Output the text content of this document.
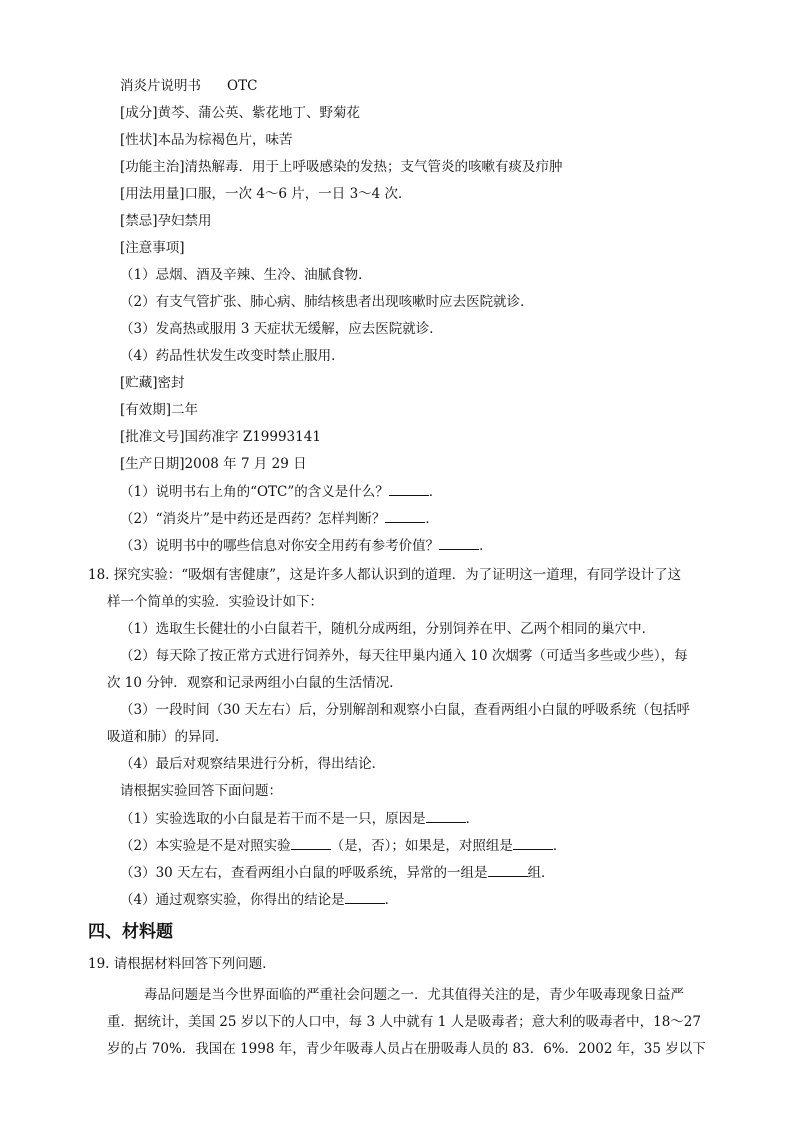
消炎片说明书 OTC
[成分]黄芩、蒲公英、紫花地丁、野菊花
[性状]本品为棕褐色片，味苦
[功能主治]清热解毒．用于上呼吸感染的发热；支气管炎的咳嗽有痰及疖肿
[用法用量]口服，一次 4～6 片，一日 3～4 次．
[禁忌]孕妇禁用
[注意事项]
（1）忌烟、酒及辛辣、生冷、油腻食物．
（2）有支气管扩张、肺心病、肺结核患者出现咳嗽时应去医院就诊．
（3）发高热或服用 3 天症状无缓解，应去医院就诊．
（4）药品性状发生改变时禁止服用．
[贮藏]密封
[有效期]二年
[批准文号]国药准字 Z19993141
[生产日期]2008 年 7 月 29 日
（1）说明书右上角的“OTC”的含义是什么？	．
（2）“消炎片”是中药还是西药？怎样判断？	．
（3）说明书中的哪些信息对你安全用药有参考价值？	．
18. 探究实验：“吸烟有害健康”，这是许多人都认识到的道理．为了证明这一道理，有同学设计了这
样一个简单的实验．实验设计如下：
（1）选取生长健壮的小白鼠若干，随机分成两组，分别饲养在甲、乙两个相同的巢穴中．
（2）每天除了按正常方式进行饲养外，每天往甲巢内通入 10 次烟雾（可适当多些或少些），每
次 10 分钟．观察和记录两组小白鼠的生活情况．
（3）一段时间（30 天左右）后，分别解剖和观察小白鼠，查看两组小白鼠的呼吸系统（包括呼
吸道和肺）的异同．
（4）最后对观察结果进行分析，得出结论．
请根据实验回答下面问题：
（1）实验选取的小白鼠是若干而不是一只，原因是	．
（2）本实验是不是对照实验	（是，否）；如果是，对照组是	．
（3）30 天左右，查看两组小白鼠的呼吸系统，异常的一组是	组．
（4）通过观察实验，你得出的结论是	．
四、材料题
19. 请根据材料回答下列问题．
毒品问题是当今世界面临的严重社会问题之一．尤其值得关注的是，青少年吸毒现象日益严
重．据统计，美国 25 岁以下的人口中，每 3 人中就有 1 人是吸毒者；意大利的吸毒者中，18～27
岁的占 70%．我国在 1998 年，青少年吸毒人员占在册吸毒人员的 83．6%．2002 年，35 岁以下
